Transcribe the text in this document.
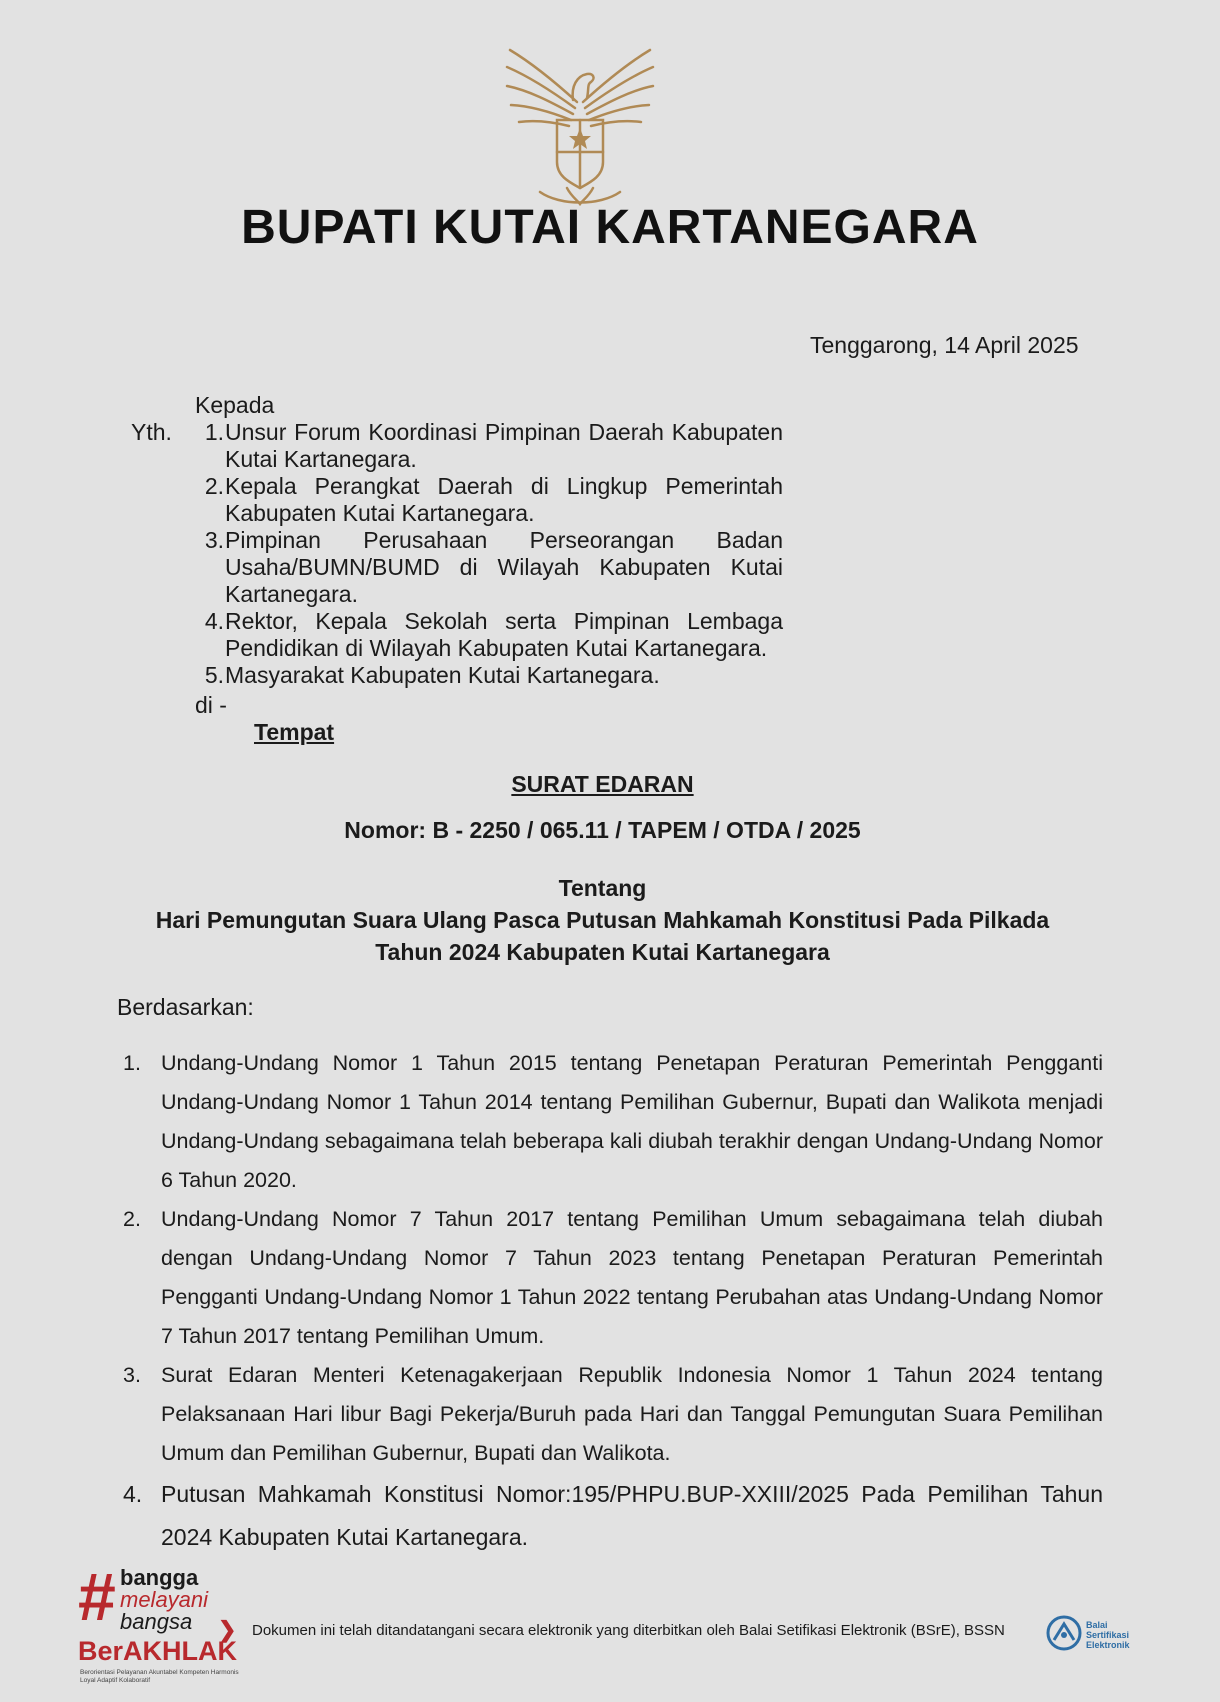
BUPATI KUTAI KARTANEGARA
Tenggarong, 14 April 2025
Kepada
Yth.	1. Unsur Forum Koordinasi Pimpinan Daerah Kabupaten Kutai Kartanegara.
2. Kepala Perangkat Daerah di Lingkup Pemerintah Kabupaten Kutai Kartanegara.
3. Pimpinan Perusahaan Perseorangan Badan Usaha/BUMN/BUMD di Wilayah Kabupaten Kutai Kartanegara.
4. Rektor, Kepala Sekolah serta Pimpinan Lembaga Pendidikan di Wilayah Kabupaten Kutai Kartanegara.
5. Masyarakat Kabupaten Kutai Kartanegara.
di -
Tempat
SURAT EDARAN
Nomor: B - 2250 / 065.11 / TAPEM / OTDA / 2025
Tentang
Hari Pemungutan Suara Ulang Pasca Putusan Mahkamah Konstitusi Pada Pilkada
Tahun 2024 Kabupaten Kutai Kartanegara
Berdasarkan:
1. Undang-Undang Nomor 1 Tahun 2015 tentang Penetapan Peraturan Pemerintah Pengganti Undang-Undang Nomor 1 Tahun 2014 tentang Pemilihan Gubernur, Bupati dan Walikota menjadi Undang-Undang sebagaimana telah beberapa kali diubah terakhir dengan Undang-Undang Nomor 6 Tahun 2020.
2. Undang-Undang Nomor 7 Tahun 2017 tentang Pemilihan Umum sebagaimana telah diubah dengan Undang-Undang Nomor 7 Tahun 2023 tentang Penetapan Peraturan Pemerintah Pengganti Undang-Undang Nomor 1 Tahun 2022 tentang Perubahan atas Undang-Undang Nomor 7 Tahun 2017 tentang Pemilihan Umum.
3. Surat Edaran Menteri Ketenagakerjaan Republik Indonesia Nomor 1 Tahun 2024 tentang Pelaksanaan Hari libur Bagi Pekerja/Buruh pada Hari dan Tanggal Pemungutan Suara Pemilihan Umum dan Pemilihan Gubernur, Bupati dan Walikota.
4. Putusan Mahkamah Konstitusi Nomor:195/PHPU.BUP-XXIII/2025 Pada Pemilihan Tahun 2024 Kabupaten Kutai Kartanegara.
# bangga
melayani
bangsa ❯
BerAKHLAK
Berorientasi Pelayanan Akuntabel Kompeten Harmonis Loyal Adaptif Kolaboratif
Dokumen ini telah ditandatangani secara elektronik yang diterbitkan oleh Balai Setifikasi Elektronik (BSrE), BSSN	Balai
Sertifikasi
Elektronik
